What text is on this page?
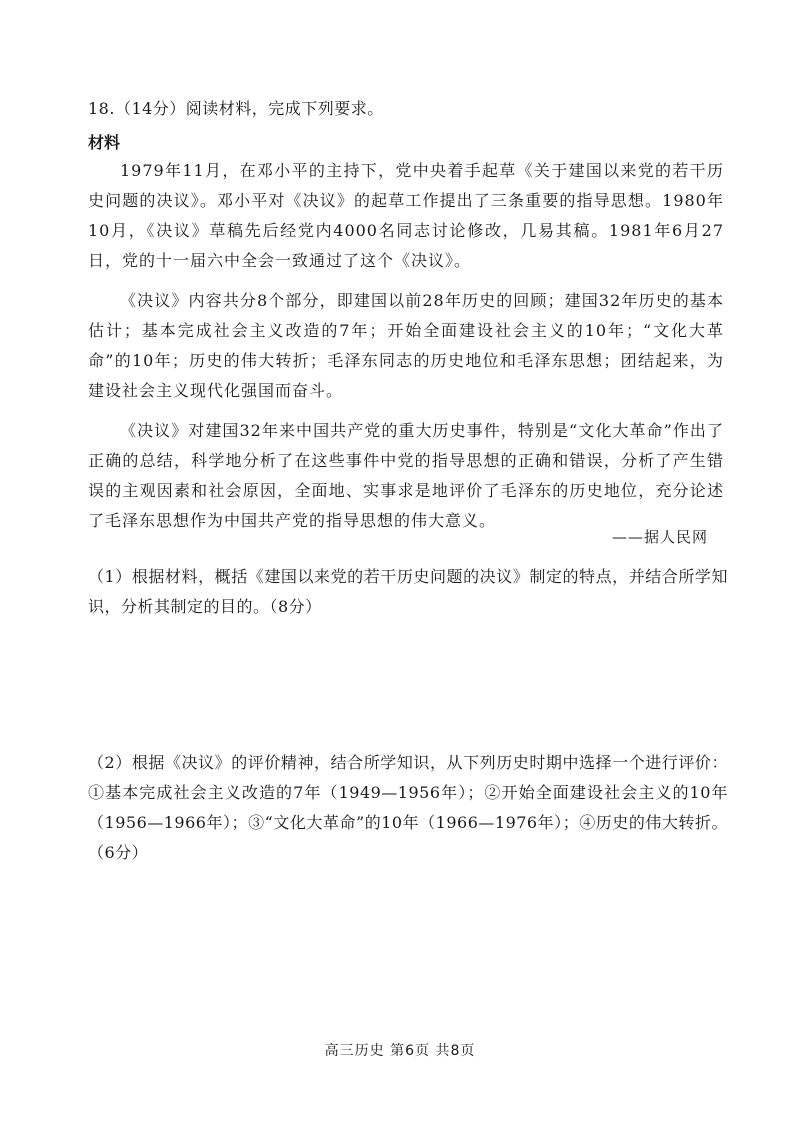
18.（14分）阅读材料，完成下列要求。
材料

1979年11月，在邓小平的主持下，党中央着手起草《关于建国以来党的若干历史问题的决议》。邓小平对《决议》的起草工作提出了三条重要的指导思想。1980年10月，《决议》草稿先后经党内4000名同志讨论修改，几易其稿。1981年6月27日，党的十一届六中全会一致通过了这个《决议》。

《决议》内容共分8个部分，即建国以前28年历史的回顾；建国32年历史的基本估计；基本完成社会主义改造的7年；开始全面建设社会主义的10年；“文化大革命”的10年；历史的伟大转折；毛泽东同志的历史地位和毛泽东思想；团结起来，为建设社会主义现代化强国而奋斗。

《决议》对建国32年来中国共产党的重大历史事件，特别是“文化大革命”作出了正确的总结，科学地分析了在这些事件中党的指导思想的正确和错误，分析了产生错误的主观因素和社会原因，全面地、实事求是地评价了毛泽东的历史地位，充分论述了毛泽东思想作为中国共产党的指导思想的伟大意义。

——据人民网
（1）根据材料，概括《建国以来党的若干历史问题的决议》制定的特点，并结合所学知识，分析其制定的目的。（8分）
（2）根据《决议》的评价精神，结合所学知识，从下列历史时期中选择一个进行评价：①基本完成社会主义改造的7年（1949—1956年）；②开始全面建设社会主义的10年（1956—1966年）；③“文化大革命”的10年（1966—1976年）；④历史的伟大转折。（6分）
高三历史 第6页 共8页
